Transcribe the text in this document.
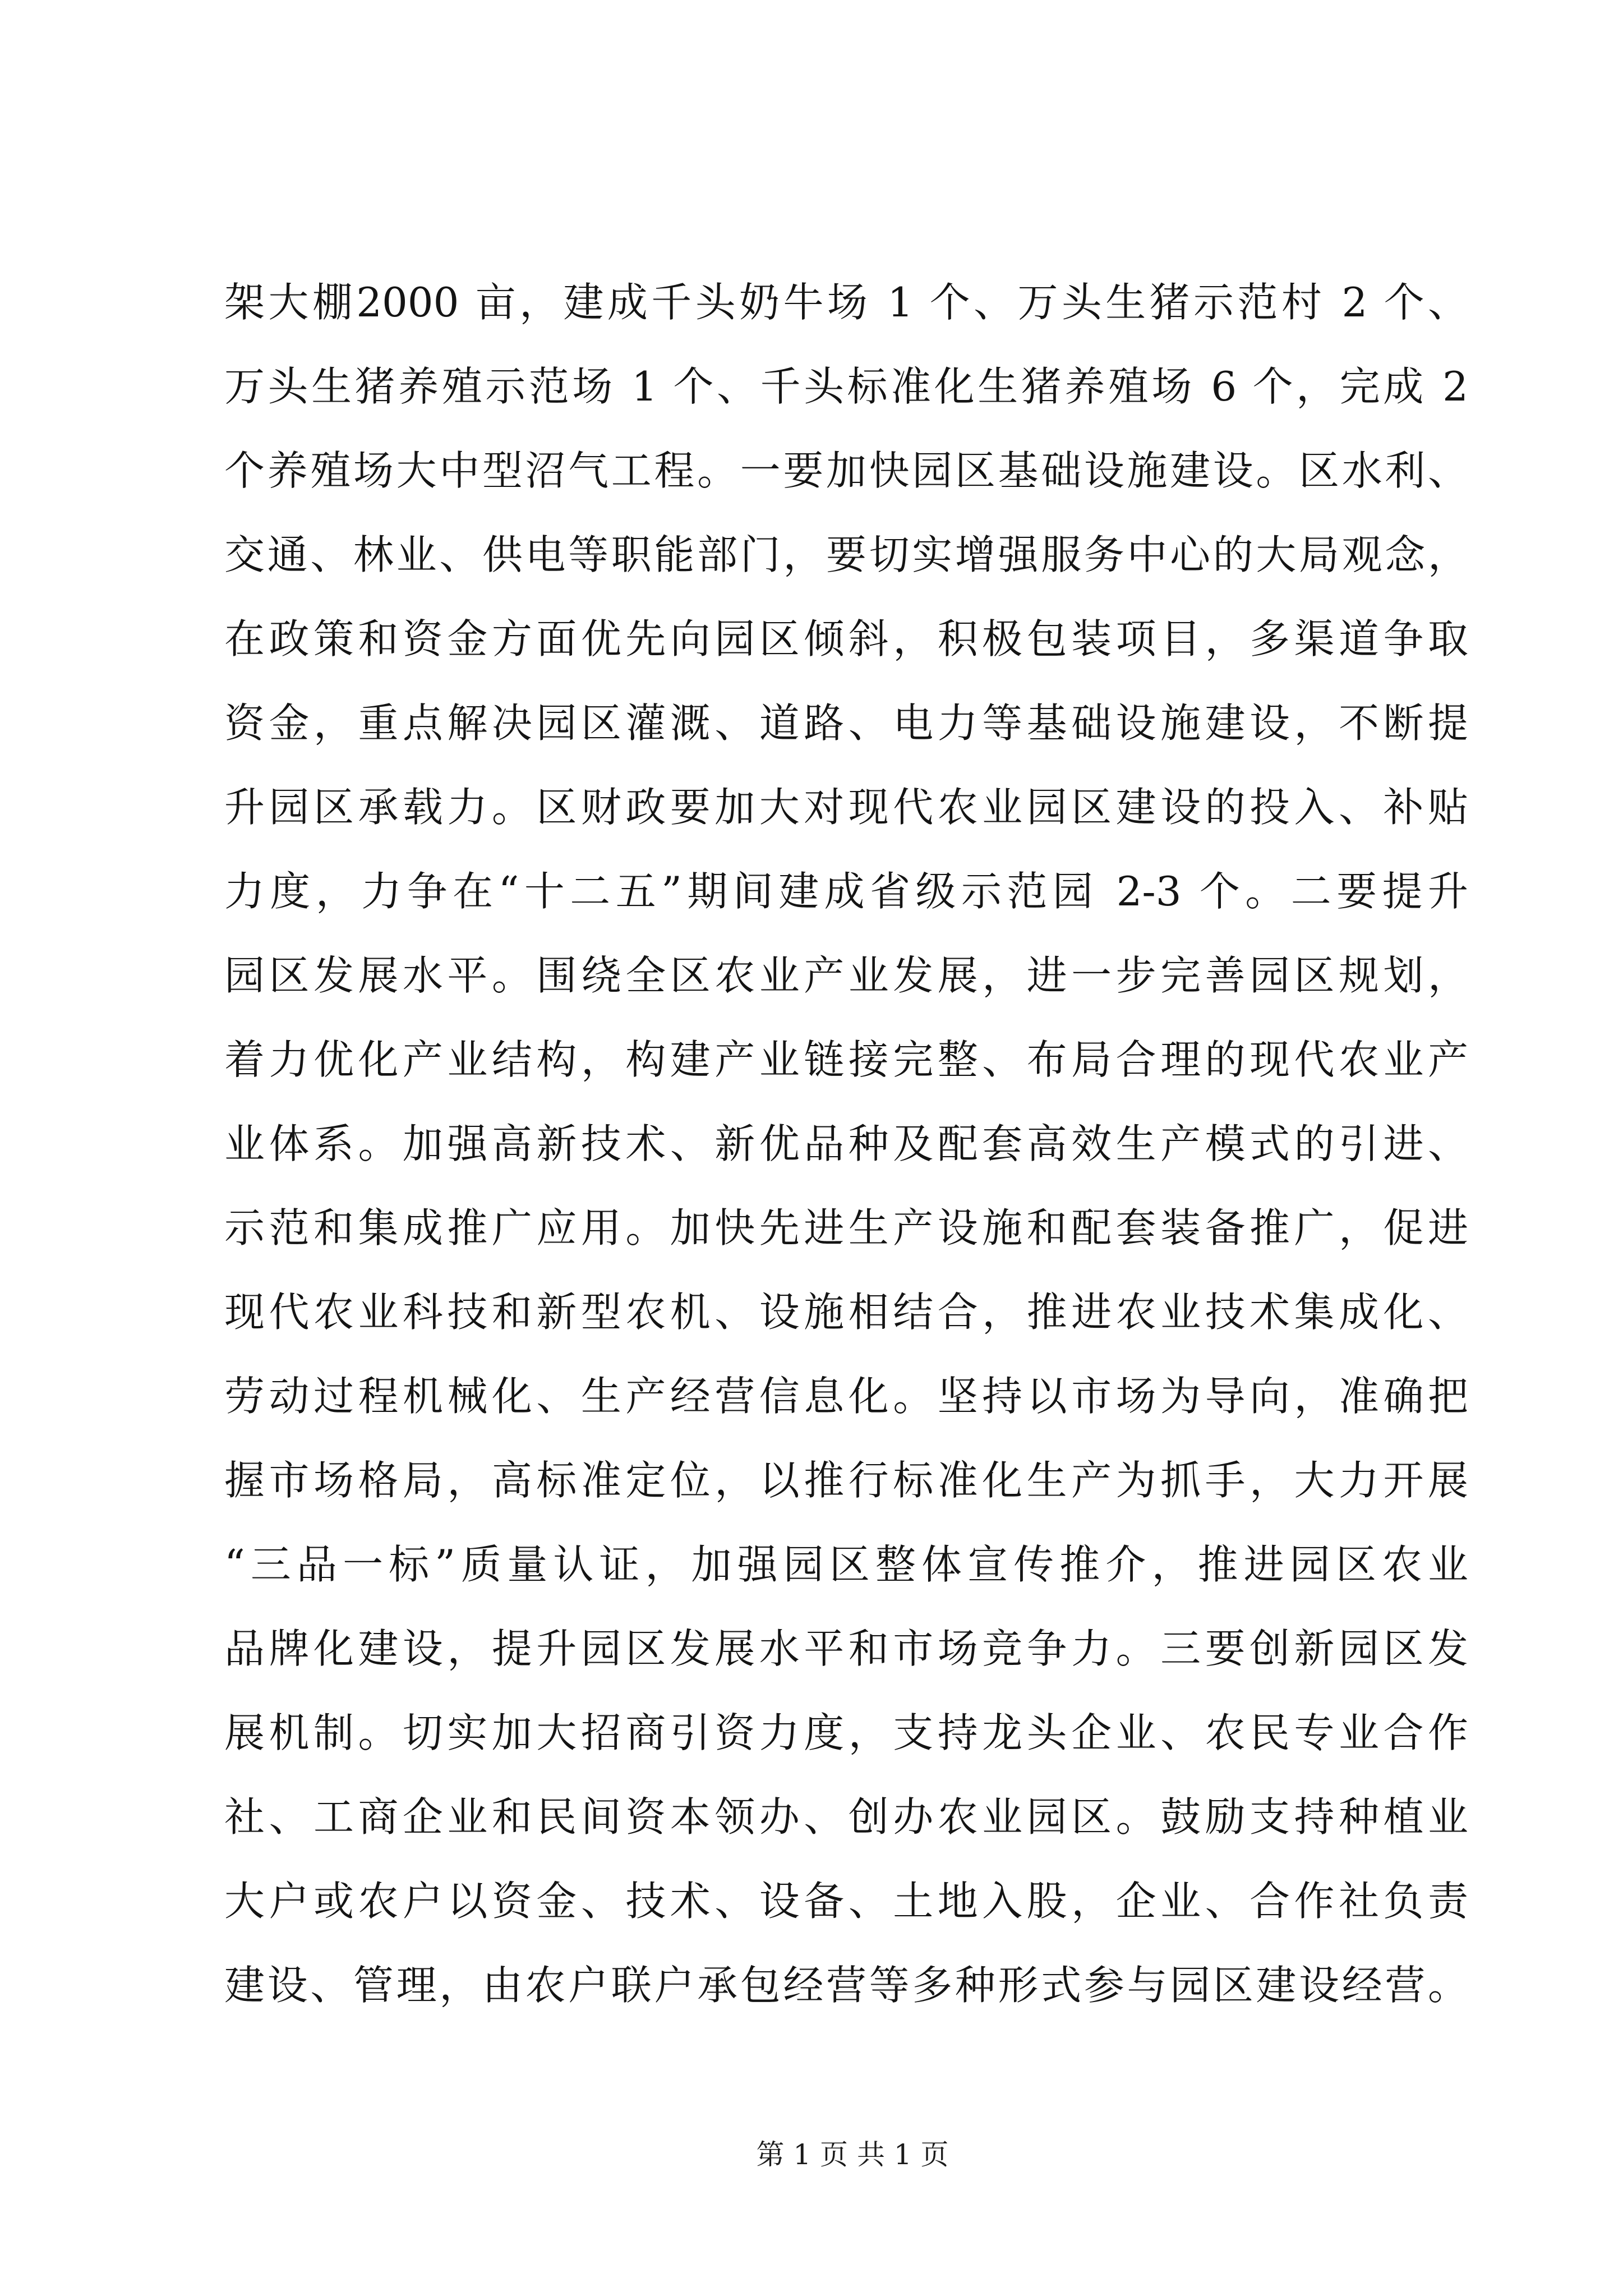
架大棚2000 亩，建成千头奶牛场 1 个、万头生猪示范村 2 个、
万头生猪养殖示范场 1 个、千头标准化生猪养殖场 6 个，完成 2
个养殖场大中型沼气工程。一要加快园区基础设施建设。区水利、
交通、林业、供电等职能部门，要切实增强服务中心的大局观念，
在政策和资金方面优先向园区倾斜，积极包装项目，多渠道争取
资金，重点解决园区灌溉、道路、电力等基础设施建设，不断提
升园区承载力。区财政要加大对现代农业园区建设的投入、补贴
力度，力争在“十二五”期间建成省级示范园 2-3 个。二要提升
园区发展水平。围绕全区农业产业发展，进一步完善园区规划，
着力优化产业结构，构建产业链接完整、布局合理的现代农业产
业体系。加强高新技术、新优品种及配套高效生产模式的引进、
示范和集成推广应用。加快先进生产设施和配套装备推广，促进
现代农业科技和新型农机、设施相结合，推进农业技术集成化、
劳动过程机械化、生产经营信息化。坚持以市场为导向，准确把
握市场格局，高标准定位，以推行标准化生产为抓手，大力开展
“三品一标”质量认证，加强园区整体宣传推介，推进园区农业
品牌化建设，提升园区发展水平和市场竞争力。三要创新园区发
展机制。切实加大招商引资力度，支持龙头企业、农民专业合作
社、工商企业和民间资本领办、创办农业园区。鼓励支持种植业
大户或农户以资金、技术、设备、土地入股，企业、合作社负责
建设、管理，由农户联户承包经营等多种形式参与园区建设经营。
第 1 页 共 1 页
